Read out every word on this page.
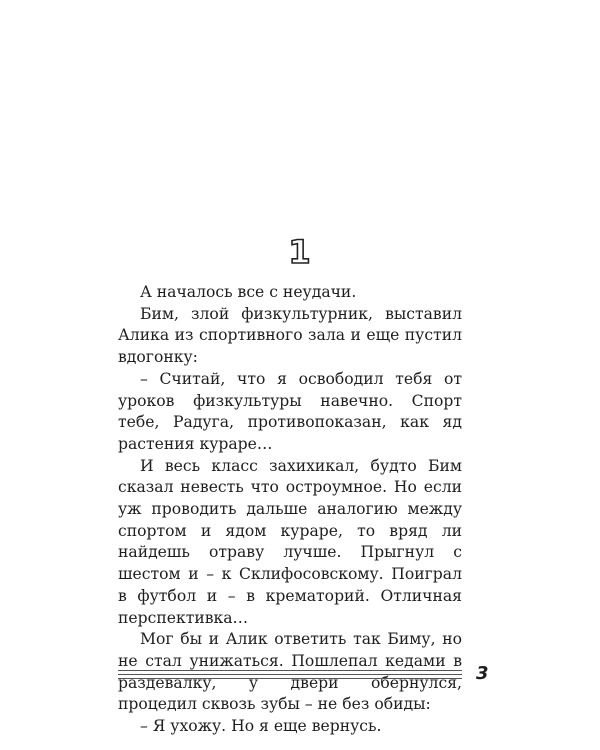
1

А началось все с неудачи.

Бим, злой физкультурник, выставил Алика из спортивного зала и еще пустил вдогонку:

– Считай, что я освободил тебя от уроков физкультуры навечно. Спорт тебе, Радуга, противопоказан, как яд растения кураре…

И весь класс захихикал, будто Бим сказал невесть что остроумное. Но если уж проводить дальше аналогию между спортом и ядом кураре, то вряд ли найдешь отраву лучше. Прыгнул с шестом и – к Склифосовскому. Поиграл в футбол и – в крематорий. Отличная перспективка…

Мог бы и Алик ответить так Биму, но не стал унижаться. Пошлепал кедами в раздевалку, у двери обернулся, процедил сквозь зубы – не без обиды:

– Я ухожу. Но я еще вернусь.

3
